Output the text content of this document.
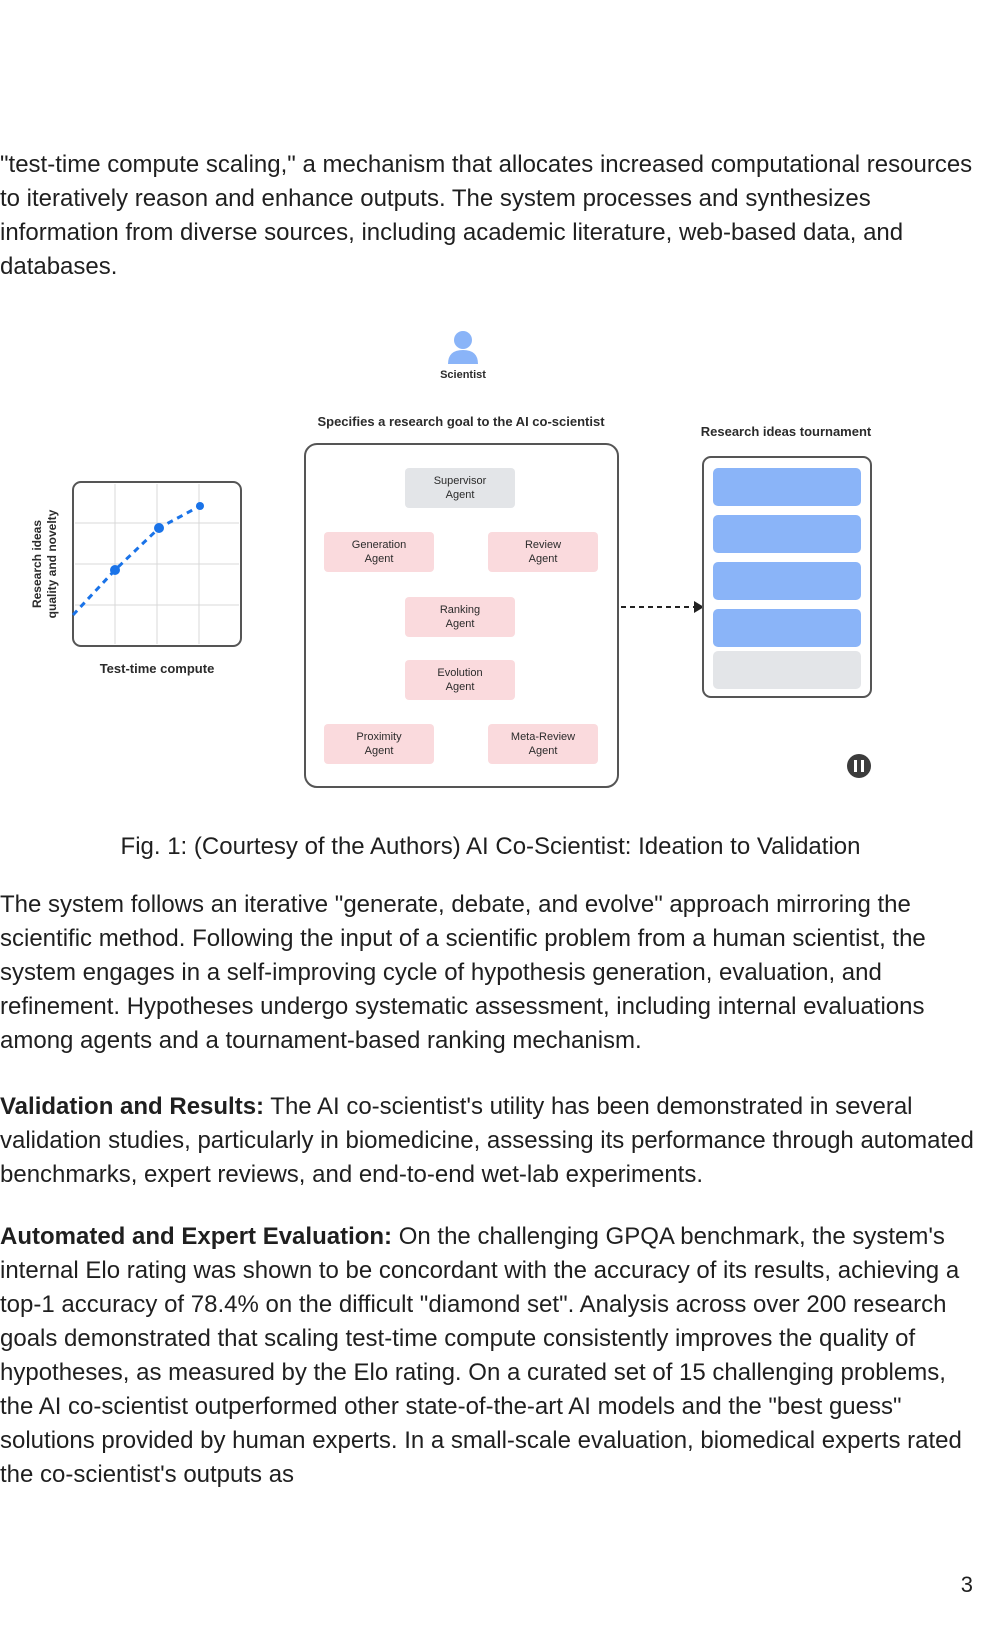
"test-time compute scaling," a mechanism that allocates increased computational resources to iteratively reason and enhance outputs. The system processes and synthesizes information from diverse sources, including academic literature, web-based data, and databases.

Scientist
Specifies a research goal to the AI co-scientist
Test-time compute
Research ideas quality and novelty
Supervisor
Agent
Generation
Agent
Review
Agent
Ranking
Agent
Evolution
Agent
Proximity
Agent
Meta-Review
Agent
Research ideas tournament

Fig. 1: (Courtesy of the Authors) AI Co-Scientist: Ideation to Validation

The system follows an iterative "generate, debate, and evolve" approach mirroring the scientific method. Following the input of a scientific problem from a human scientist, the system engages in a self-improving cycle of hypothesis generation, evaluation, and refinement. Hypotheses undergo systematic assessment, including internal evaluations among agents and a tournament-based ranking mechanism.

Validation and Results: The AI co-scientist's utility has been demonstrated in several validation studies, particularly in biomedicine, assessing its performance through automated benchmarks, expert reviews, and end-to-end wet-lab experiments.

Automated and Expert Evaluation: On the challenging GPQA benchmark, the system's internal Elo rating was shown to be concordant with the accuracy of its results, achieving a top-1 accuracy of 78.4% on the difficult "diamond set". Analysis across over 200 research goals demonstrated that scaling test-time compute consistently improves the quality of hypotheses, as measured by the Elo rating. On a curated set of 15 challenging problems, the AI co-scientist outperformed other state-of-the-art AI models and the "best guess" solutions provided by human experts. In a small-scale evaluation, biomedical experts rated the co-scientist's outputs as

3
